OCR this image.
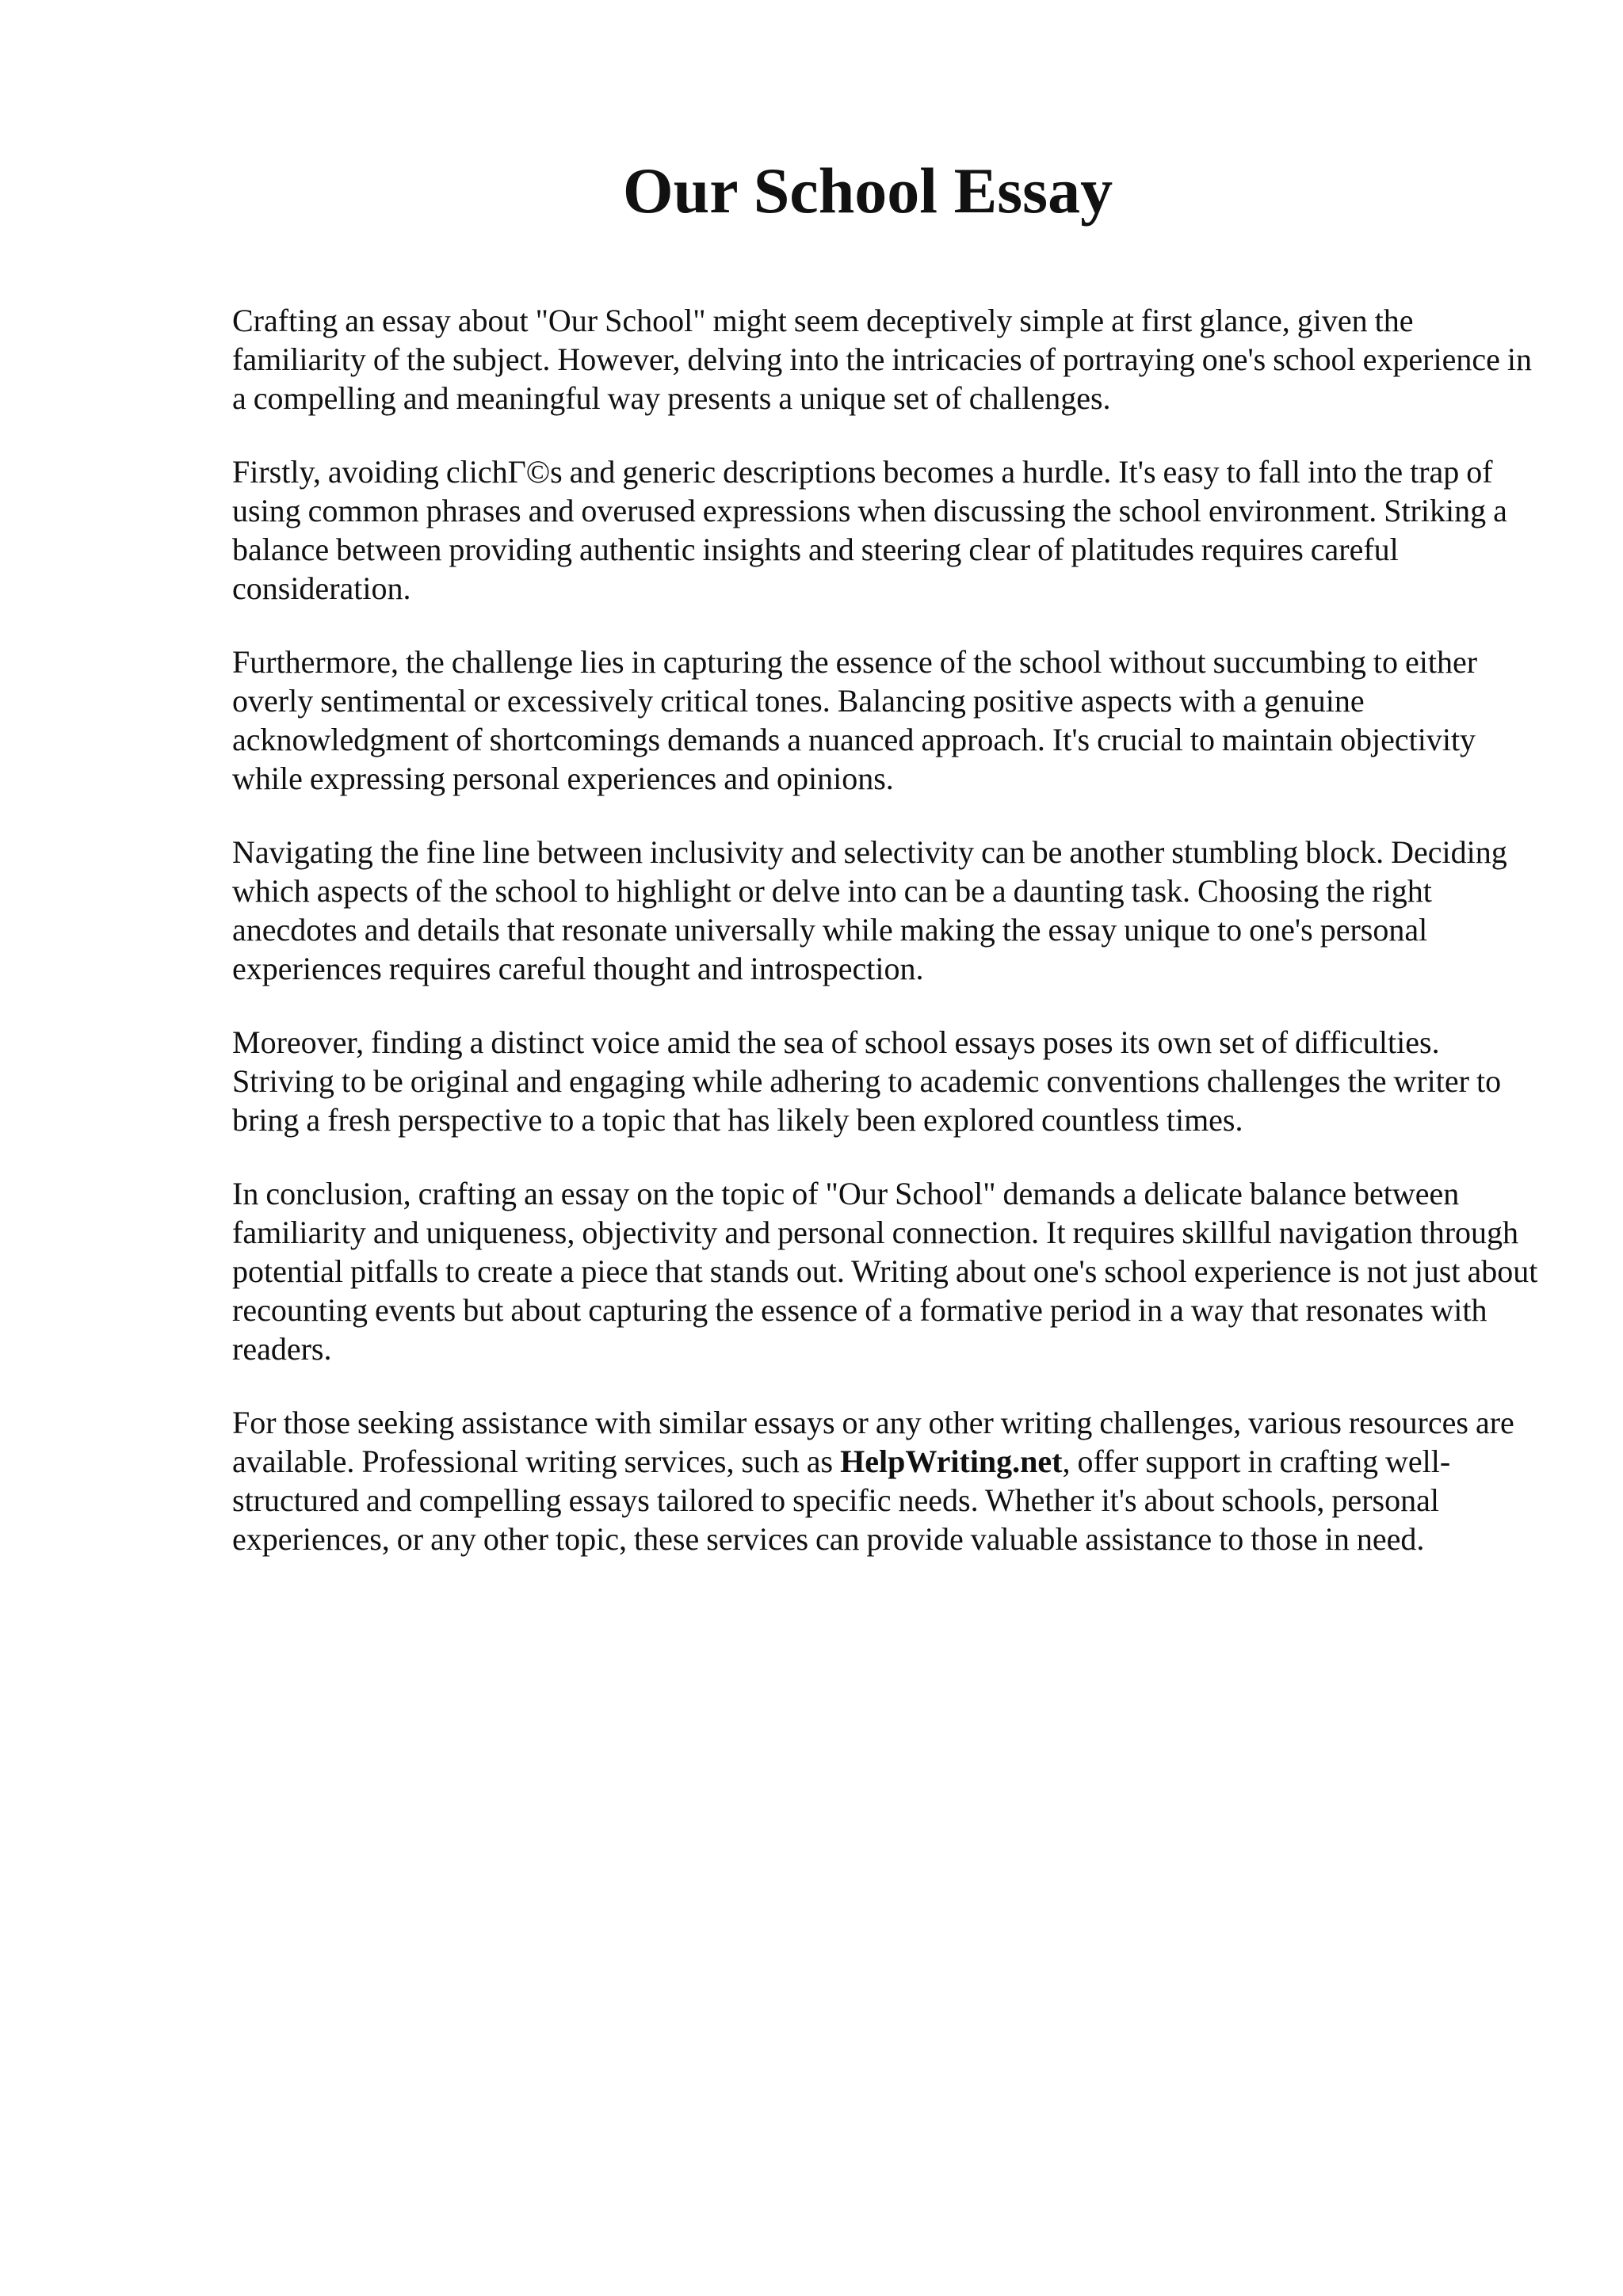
Our School Essay

Crafting an essay about "Our School" might seem deceptively simple at first glance, given the familiarity of the subject. However, delving into the intricacies of portraying one's school experience in a compelling and meaningful way presents a unique set of challenges.

Firstly, avoiding clichΓ©s and generic descriptions becomes a hurdle. It's easy to fall into the trap of using common phrases and overused expressions when discussing the school environment. Striking a balance between providing authentic insights and steering clear of platitudes requires careful consideration.

Furthermore, the challenge lies in capturing the essence of the school without succumbing to either overly sentimental or excessively critical tones. Balancing positive aspects with a genuine acknowledgment of shortcomings demands a nuanced approach. It's crucial to maintain objectivity while expressing personal experiences and opinions.

Navigating the fine line between inclusivity and selectivity can be another stumbling block. Deciding which aspects of the school to highlight or delve into can be a daunting task. Choosing the right anecdotes and details that resonate universally while making the essay unique to one's personal experiences requires careful thought and introspection.

Moreover, finding a distinct voice amid the sea of school essays poses its own set of difficulties. Striving to be original and engaging while adhering to academic conventions challenges the writer to bring a fresh perspective to a topic that has likely been explored countless times.

In conclusion, crafting an essay on the topic of "Our School" demands a delicate balance between familiarity and uniqueness, objectivity and personal connection. It requires skillful navigation through potential pitfalls to create a piece that stands out. Writing about one's school experience is not just about recounting events but about capturing the essence of a formative period in a way that resonates with readers.

For those seeking assistance with similar essays or any other writing challenges, various resources are available. Professional writing services, such as HelpWriting.net, offer support in crafting well-structured and compelling essays tailored to specific needs. Whether it's about schools, personal experiences, or any other topic, these services can provide valuable assistance to those in need.
